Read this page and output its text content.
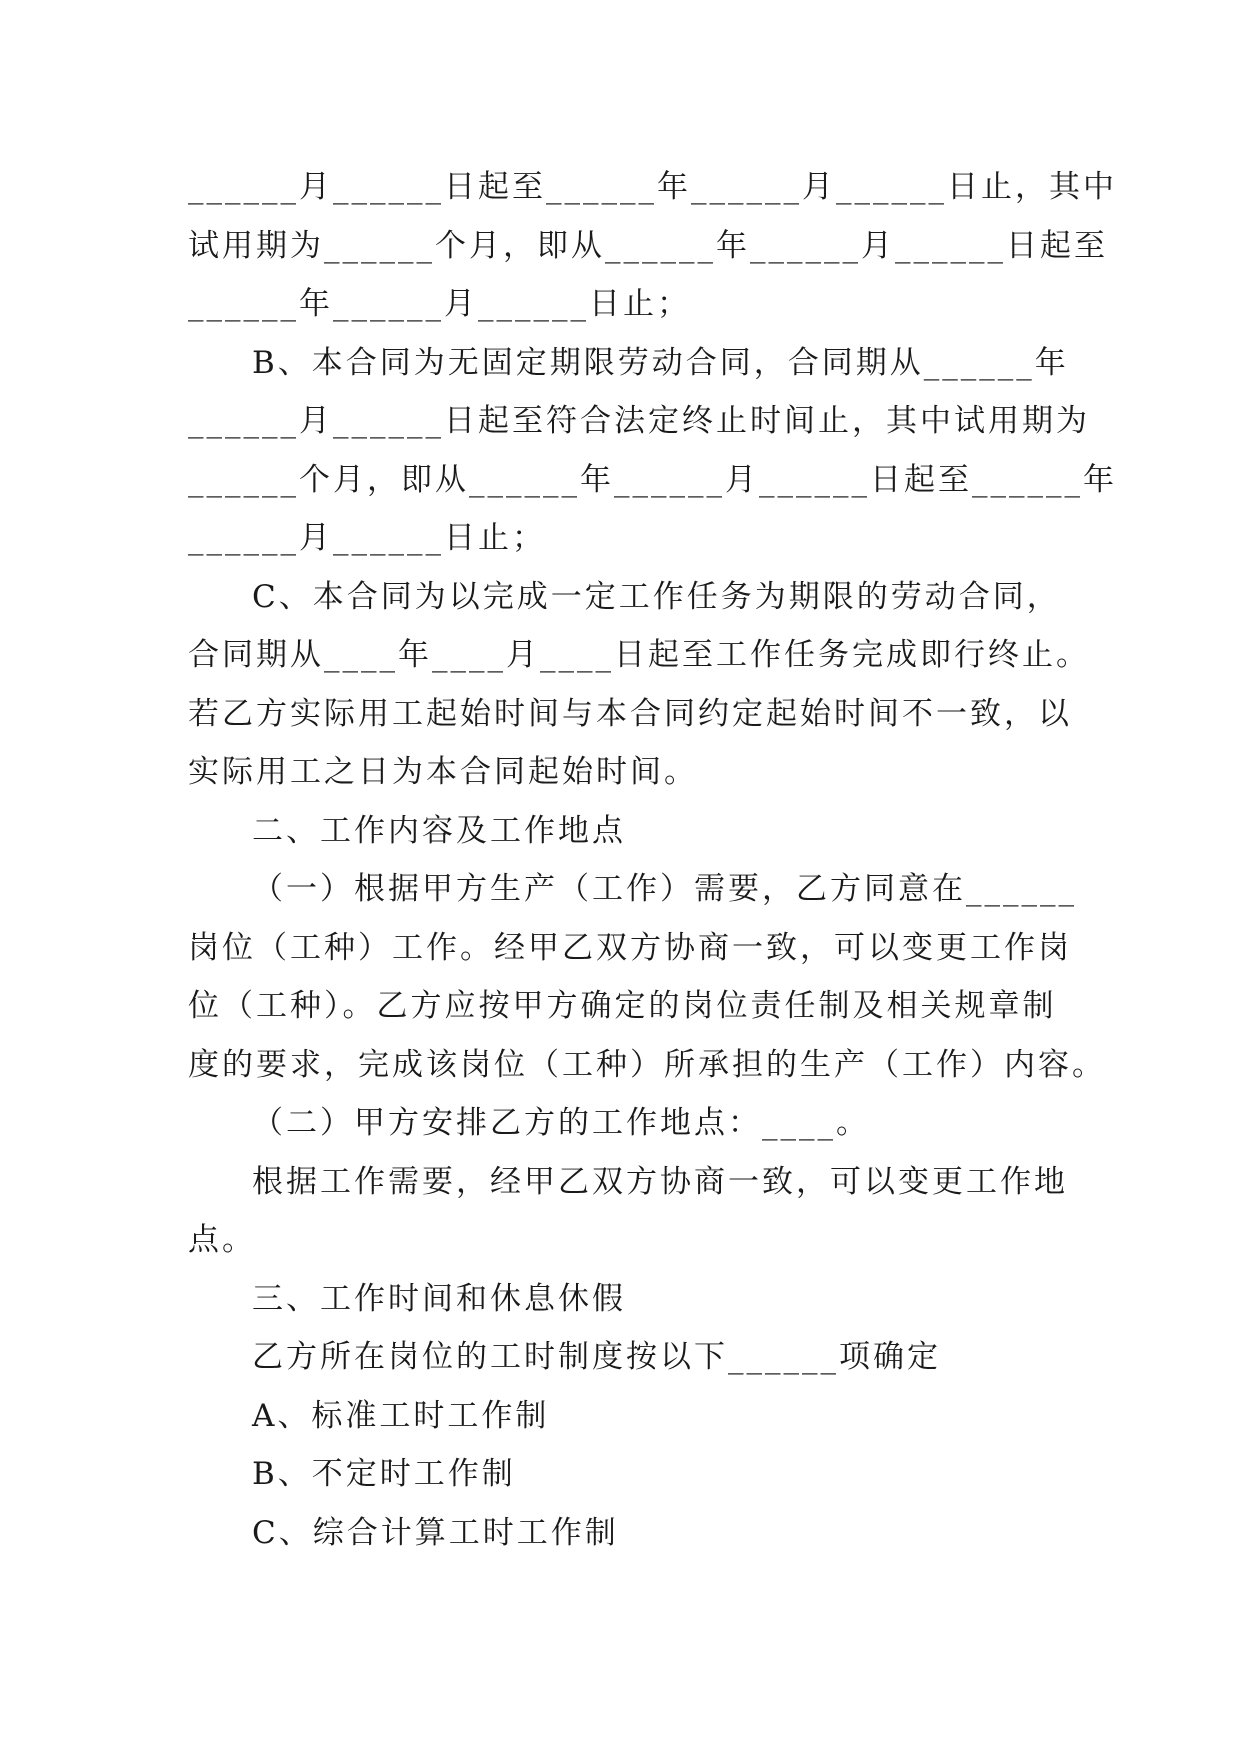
______月______日起至______年______月______日止，其中
试用期为______个月，即从______年______月______日起至
______年______月______日止；
B、本合同为无固定期限劳动合同，合同期从______年
______月______日起至符合法定终止时间止，其中试用期为
______个月，即从______年______月______日起至______年
______月______日止；
C、本合同为以完成一定工作任务为期限的劳动合同，
合同期从____年____月____日起至工作任务完成即行终止。
若乙方实际用工起始时间与本合同约定起始时间不一致，以
实际用工之日为本合同起始时间。
二、工作内容及工作地点
（一）根据甲方生产（工作）需要，乙方同意在______
岗位（工种）工作。经甲乙双方协商一致，可以变更工作岗
位（工种）。乙方应按甲方确定的岗位责任制及相关规章制
度的要求，完成该岗位（工种）所承担的生产（工作）内容。
（二）甲方安排乙方的工作地点：____。
根据工作需要，经甲乙双方协商一致，可以变更工作地
点。
三、工作时间和休息休假
乙方所在岗位的工时制度按以下______项确定
A、标准工时工作制
B、不定时工作制
C、综合计算工时工作制
